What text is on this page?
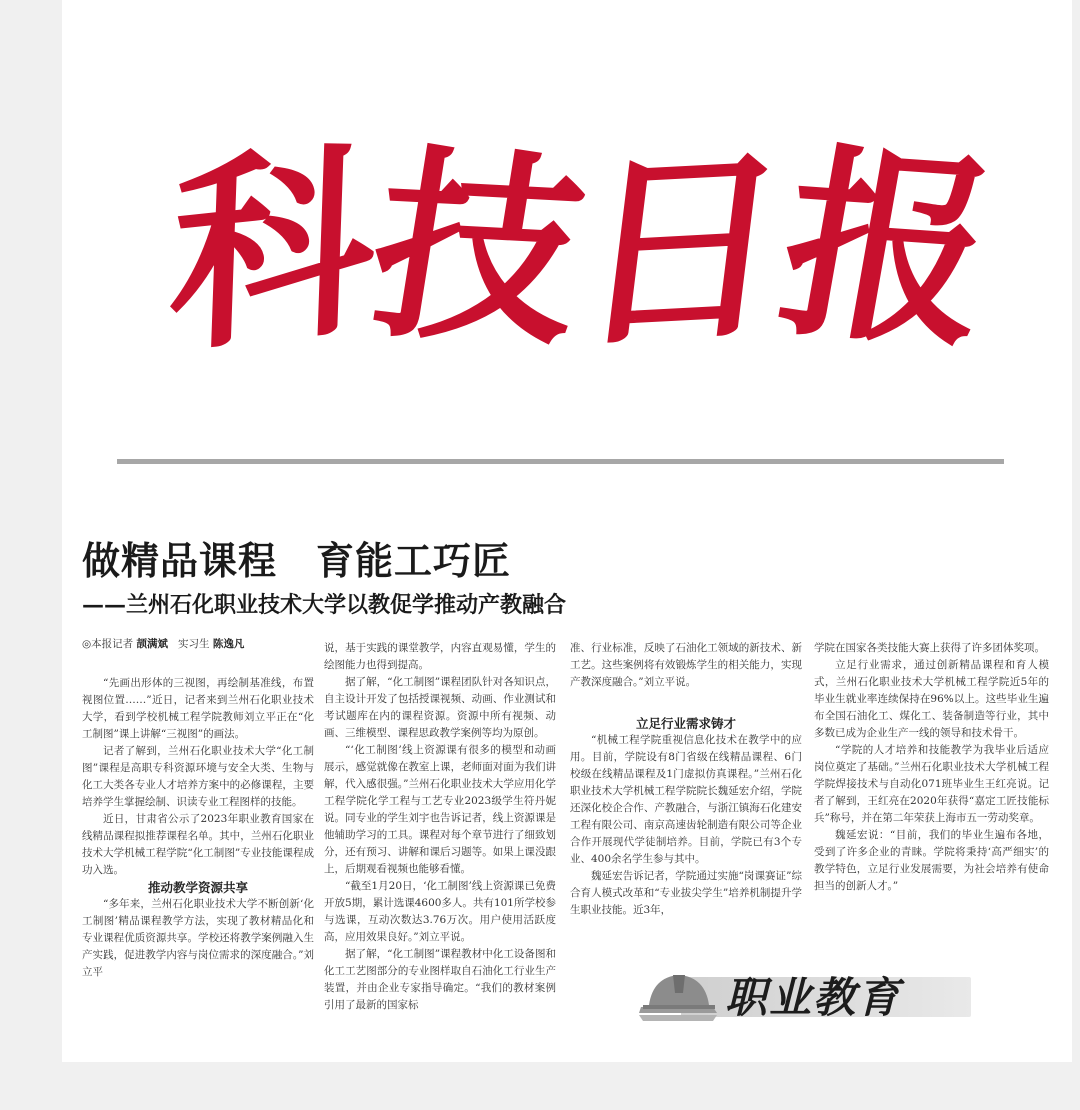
科
技
日
报
做精品课程　育能工巧匠
——兰州石化职业技术大学以教促学推动产教融合

◎本报记者 颉满斌 实习生 陈逸凡

“先画出形体的三视图，再绘制基准线，布置视图位置……”近日，记者来到兰州石化职业技术大学，看到学校机械工程学院教师刘立平正在“化工制图”课上讲解“三视图”的画法。

记者了解到，兰州石化职业技术大学“化工制图”课程是高职专科资源环境与安全大类、生物与化工大类各专业人才培养方案中的必修课程，主要培养学生掌握绘制、识读专业工程图样的技能。

近日，甘肃省公示了2023年职业教育国家在线精品课程拟推荐课程名单。其中，兰州石化职业技术大学机械工程学院“化工制图”专业技能课程成功入选。

推动教学资源共享

“多年来，兰州石化职业技术大学不断创新‘化工制图’精品课程教学方法，实现了教材精品化和专业课程优质资源共享。学校还将教学案例融入生产实践，促进教学内容与岗位需求的深度融合。”刘立平

说，基于实践的课堂教学，内容直观易懂，学生的绘图能力也得到提高。

据了解，“化工制图”课程团队针对各知识点，自主设计开发了包括授课视频、动画、作业测试和考试题库在内的课程资源。资源中所有视频、动画、三维模型、课程思政教学案例等均为原创。

“‘化工制图’线上资源课有很多的模型和动画展示，感觉就像在教室上课，老师面对面为我们讲解，代入感很强。”兰州石化职业技术大学应用化学工程学院化学工程与工艺专业2023级学生符丹妮说。同专业的学生刘宇也告诉记者，线上资源课是他辅助学习的工具。课程对每个章节进行了细致划分，还有预习、讲解和课后习题等。如果上课没跟上，后期观看视频也能够看懂。

“截至1月20日，‘化工制图’线上资源课已免费开放5期，累计选课4600多人。共有101所学校参与选课，互动次数达3.76万次。用户使用活跃度高，应用效果良好。”刘立平说。

据了解，“化工制图”课程教材中化工设备图和化工工艺图部分的专业图样取自石油化工行业生产装置，并由企业专家指导确定。“我们的教材案例引用了最新的国家标

准、行业标准，反映了石油化工领域的新技术、新工艺。这些案例将有效锻炼学生的相关能力，实现产教深度融合。”刘立平说。

立足行业需求铸才

“机械工程学院重视信息化技术在教学中的应用。目前，学院设有8门省级在线精品课程、6门校级在线精品课程及1门虚拟仿真课程。”兰州石化职业技术大学机械工程学院院长魏延宏介绍，学院还深化校企合作、产教融合，与浙江镇海石化建安工程有限公司、南京高速齿轮制造有限公司等企业合作开展现代学徒制培养。目前，学院已有3个专业、400余名学生参与其中。

魏延宏告诉记者，学院通过实施“岗课赛证”综合育人模式改革和“专业拔尖学生”培养机制提升学生职业技能。近3年，

学院在国家各类技能大赛上获得了许多团体奖项。

立足行业需求，通过创新精品课程和育人模式，兰州石化职业技术大学机械工程学院近5年的毕业生就业率连续保持在96%以上。这些毕业生遍布全国石油化工、煤化工、装备制造等行业，其中多数已成为企业生产一线的领导和技术骨干。

“学院的人才培养和技能教学为我毕业后适应岗位奠定了基础。”兰州石化职业技术大学机械工程学院焊接技术与自动化071班毕业生王红亮说。记者了解到，王红亮在2020年获得“嘉定工匠技能标兵”称号，并在第二年荣获上海市五一劳动奖章。

魏延宏说：“目前，我们的毕业生遍布各地，受到了许多企业的青睐。学院将秉持‘高严细实’的教学特色，立足行业发展需要，为社会培养有使命担当的创新人才。”

职业教育
